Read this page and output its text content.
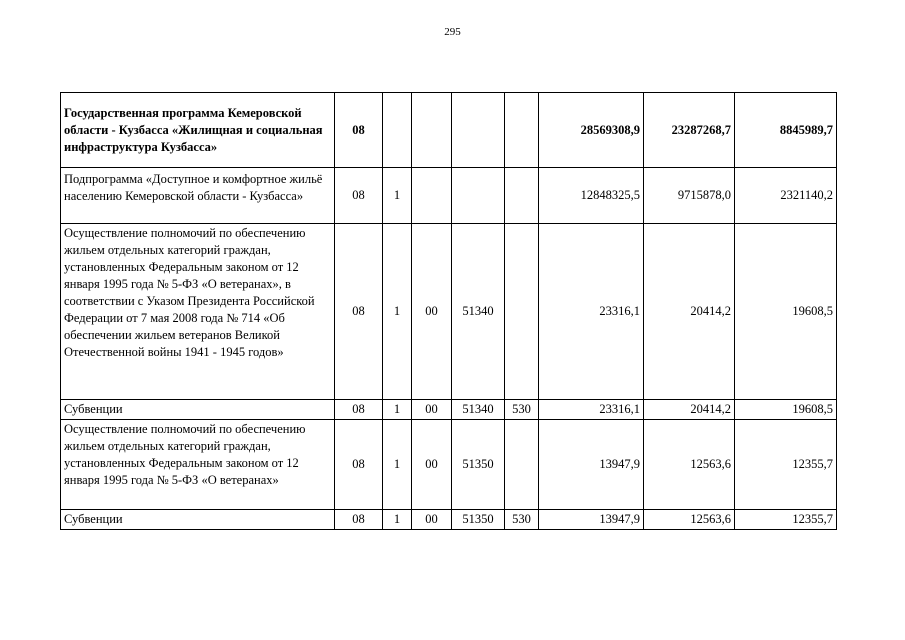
295
Государственная программа Кемеровской области - Кузбасса «Жилищная и социальная инфраструктура Кузбасса»	08					28569308,9	23287268,7	8845989,7
Подпрограмма «Доступное и комфортное жильё населению Кемеровской области - Кузбасса»	08	1				12848325,5	9715878,0	2321140,2
Осуществление полномочий по обеспечению жильем отдельных категорий граждан, установленных Федеральным законом от 12 января 1995 года № 5-ФЗ «О ветеранах», в соответствии с Указом Президента Российской Федерации от 7 мая 2008 года № 714 «Об обеспечении жильем ветеранов Великой Отечественной войны 1941 - 1945 годов»	08	1	00	51340		23316,1	20414,2	19608,5
Субвенции	08	1	00	51340	530	23316,1	20414,2	19608,5
Осуществление полномочий по обеспечению жильем отдельных категорий граждан, установленных Федеральным законом от 12 января 1995 года № 5-ФЗ «О ветеранах»	08	1	00	51350		13947,9	12563,6	12355,7
Субвенции	08	1	00	51350	530	13947,9	12563,6	12355,7
